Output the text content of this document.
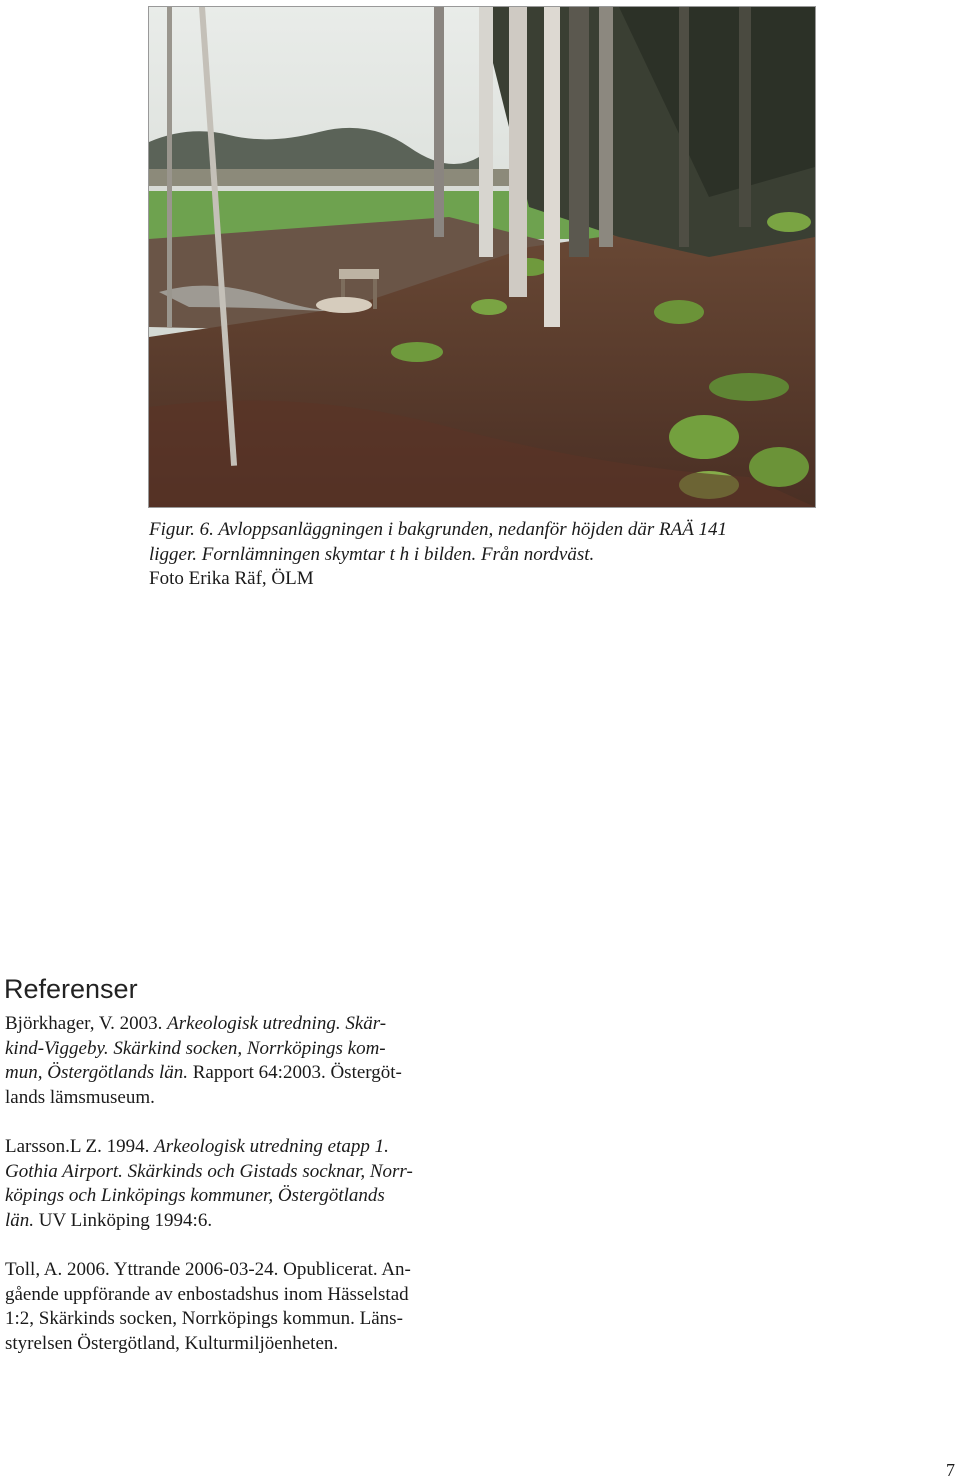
Figur. 6. Avloppsanläggningen i bakgrunden, nedanför höjden där RAÄ 141
ligger. Fornlämningen skymtar t h i bilden. Från nordväst.
Foto Erika Räf, ÖLM
Referenser
Björkhager, V. 2003. Arkeologisk utredning. Skär-
kind-Viggeby. Skärkind socken, Norrköpings kom-
mun, Östergötlands län. Rapport 64:2003. Östergöt-
lands lämsmuseum.
Larsson.L Z. 1994. Arkeologisk utredning etapp 1.
Gothia Airport. Skärkinds och Gistads socknar, Norr-
köpings och Linköpings kommuner, Östergötlands
län. UV Linköping 1994:6.
Toll, A. 2006. Yttrande 2006-03-24. Opublicerat. An-
gående uppförande av enbostadshus inom Hässelstad
1:2, Skärkinds socken, Norrköpings kommun. Läns-
styrelsen Östergötland, Kulturmiljöenheten.
7
